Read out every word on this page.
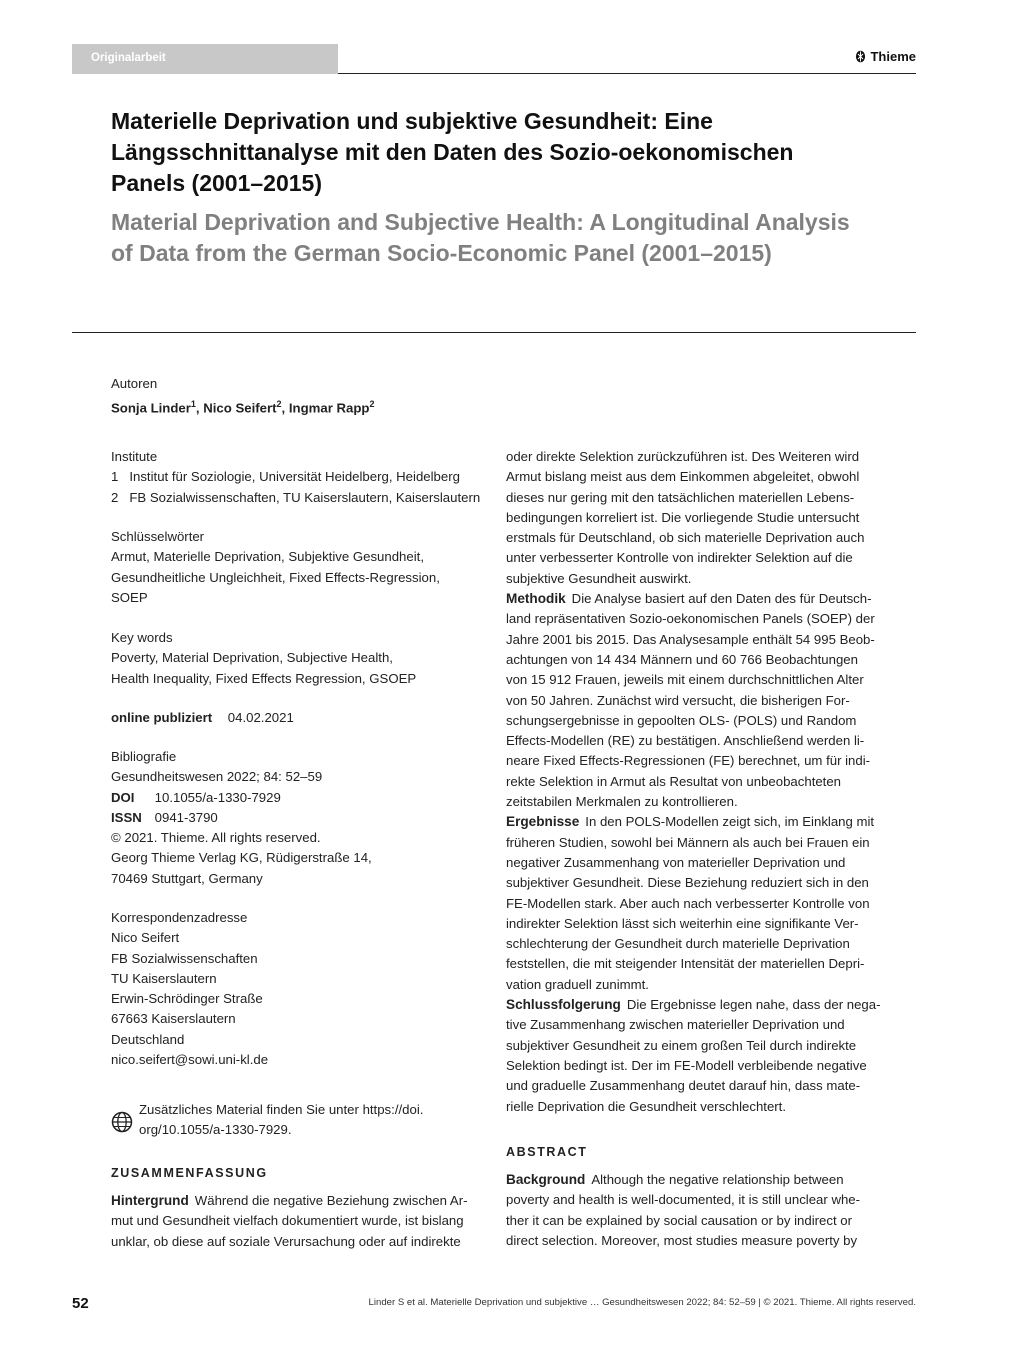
Originalarbeit	Thieme
Materielle Deprivation und subjektive Gesundheit: Eine Längsschnittanalyse mit den Daten des Sozio-oekonomischen Panels (2001–2015)
Material Deprivation and Subjective Health: A Longitudinal Analysis of Data from the German Socio-Economic Panel (2001–2015)
Autoren
Sonja Linder$^1$, Nico Seifert$^2$, Ingmar Rapp$^2$
Institute
1 Institut für Soziologie, Universität Heidelberg, Heidelberg
2 FB Sozialwissenschaften, TU Kaiserslautern, Kaiserslautern
Schlüsselwörter
Armut, Materielle Deprivation, Subjektive Gesundheit,
Gesundheitliche Ungleichheit, Fixed Effects-Regression,
SOEP
Key words
Poverty, Material Deprivation, Subjective Health,
Health Inequality, Fixed Effects Regression, GSOEP
online publiziert 04.02.2021
Bibliografie
Gesundheitswesen 2022; 84: 52–59
DOI 10.1055/a-1330-7929
ISSN 0941-3790
© 2021. Thieme. All rights reserved.
Georg Thieme Verlag KG, Rüdigerstraße 14,
70469 Stuttgart, Germany
Korrespondenzadresse
Nico Seifert
FB Sozialwissenschaften
TU Kaiserslautern
Erwin-Schrödinger Straße
67663 Kaiserslautern
Deutschland
nico.seifert@sowi.uni-kl.de
Zusätzliches Material finden Sie unter https://doi.
org/10.1055/a-1330-7929.
ZUSAMMENFASSUNG
Hintergrund Während die negative Beziehung zwischen Ar-
mut und Gesundheit vielfach dokumentiert wurde, ist bislang
unklar, ob diese auf soziale Verursachung oder auf indirekte
oder direkte Selektion zurückzuführen ist. Des Weiteren wird
Armut bislang meist aus dem Einkommen abgeleitet, obwohl
dieses nur gering mit den tatsächlichen materiellen Lebens-
bedingungen korreliert ist. Die vorliegende Studie untersucht
erstmals für Deutschland, ob sich materielle Deprivation auch
unter verbesserter Kontrolle von indirekter Selektion auf die
subjektive Gesundheit auswirkt.
Methodik Die Analyse basiert auf den Daten des für Deutsch-
land repräsentativen Sozio-oekonomischen Panels (SOEP) der
Jahre 2001 bis 2015. Das Analysesample enthält 54 995 Beob-
achtungen von 14 434 Männern und 60 766 Beobachtungen
von 15 912 Frauen, jeweils mit einem durchschnittlichen Alter
von 50 Jahren. Zunächst wird versucht, die bisherigen For-
schungsergebnisse in gepoolten OLS- (POLS) und Random
Effects-Modellen (RE) zu bestätigen. Anschließend werden li-
neare Fixed Effects-Regressionen (FE) berechnet, um für indi-
rekte Selektion in Armut als Resultat von unbeobachteten
zeitstabilen Merkmalen zu kontrollieren.
Ergebnisse In den POLS-Modellen zeigt sich, im Einklang mit
früheren Studien, sowohl bei Männern als auch bei Frauen ein
negativer Zusammenhang von materieller Deprivation und
subjektiver Gesundheit. Diese Beziehung reduziert sich in den
FE-Modellen stark. Aber auch nach verbesserter Kontrolle von
indirekter Selektion lässt sich weiterhin eine signifikante Ver-
schlechterung der Gesundheit durch materielle Deprivation
feststellen, die mit steigender Intensität der materiellen Depri-
vation graduell zunimmt.
Schlussfolgerung Die Ergebnisse legen nahe, dass der nega-
tive Zusammenhang zwischen materieller Deprivation und
subjektiver Gesundheit zu einem großen Teil durch indirekte
Selektion bedingt ist. Der im FE-Modell verbleibende negative
und graduelle Zusammenhang deutet darauf hin, dass mate-
rielle Deprivation die Gesundheit verschlechtert.
ABSTRACT
Background Although the negative relationship between
poverty and health is well-documented, it is still unclear whe-
ther it can be explained by social causation or by indirect or
direct selection. Moreover, most studies measure poverty by
52	Linder S et al. Materielle Deprivation und subjektive … Gesundheitswesen 2022; 84: 52–59 | © 2021. Thieme. All rights reserved.
